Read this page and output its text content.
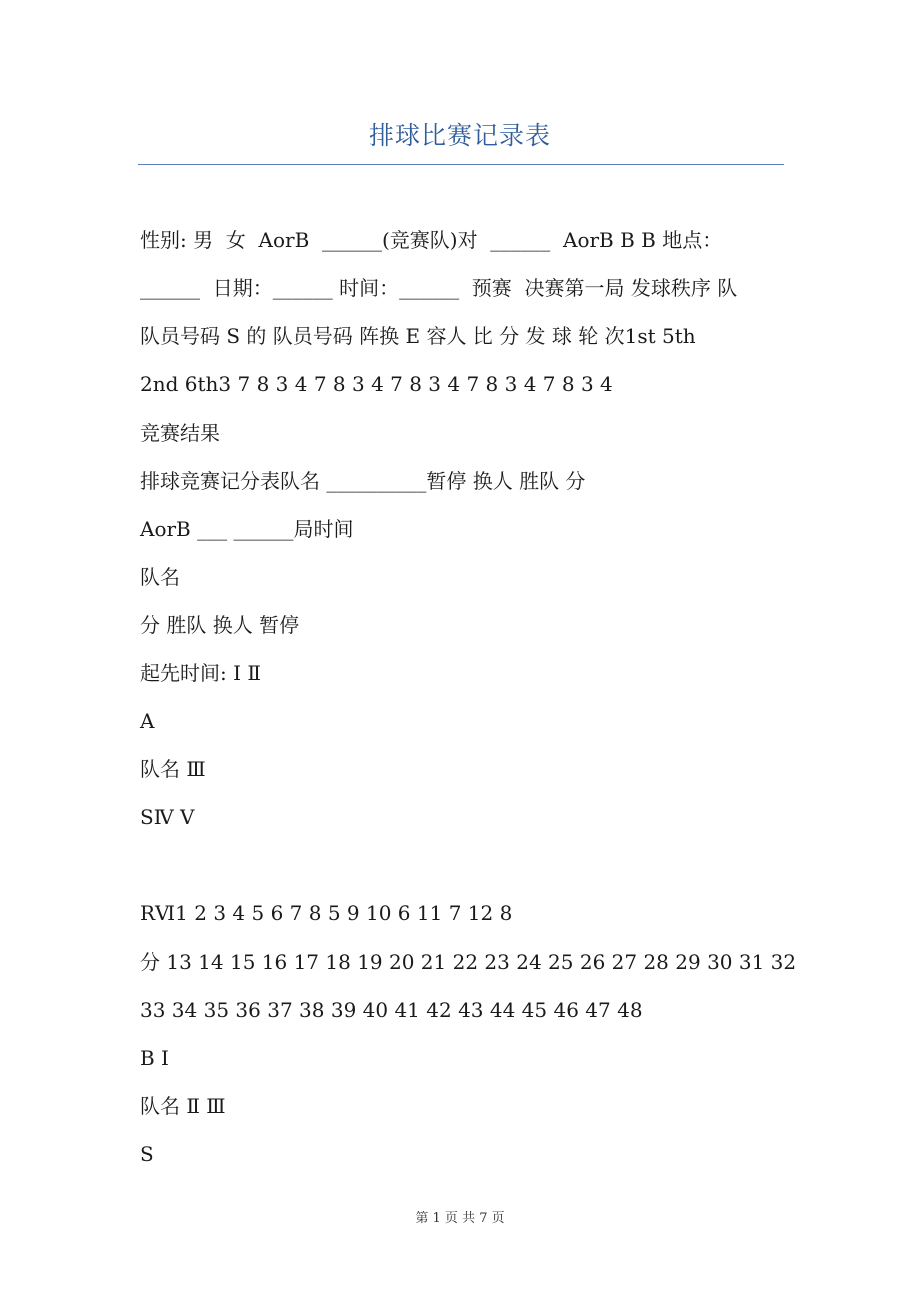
排球比赛记录表
性别: 男  女  AorB  ______(竞赛队)对  ______  AorB B B 地点：
______  日期：______ 时间：______  预赛  决赛第一局 发球秩序 队
队员号码 S 的 队员号码 阵换 E 容人 比 分 发 球 轮 次1st 5th
2nd 6th3 7 8 3 4 7 8 3 4 7 8 3 4 7 8 3 4 7 8 3 4
竞赛结果
排球竞赛记分表队名 __________暂停 换人 胜队 分
AorB ___ ______局时间
队名
分 胜队 换人 暂停
起先时间: Ⅰ Ⅱ
A
队名 Ⅲ
SⅣ Ⅴ
RⅥ1 2 3 4 5 6 7 8 5 9 10 6 11 7 12 8
分 13 14 15 16 17 18 19 20 21 22 23 24 25 26 27 28 29 30 31 32
33 34 35 36 37 38 39 40 41 42 43 44 45 46 47 48
B Ⅰ
队名 Ⅱ Ⅲ
S
第 1 页 共 7 页
